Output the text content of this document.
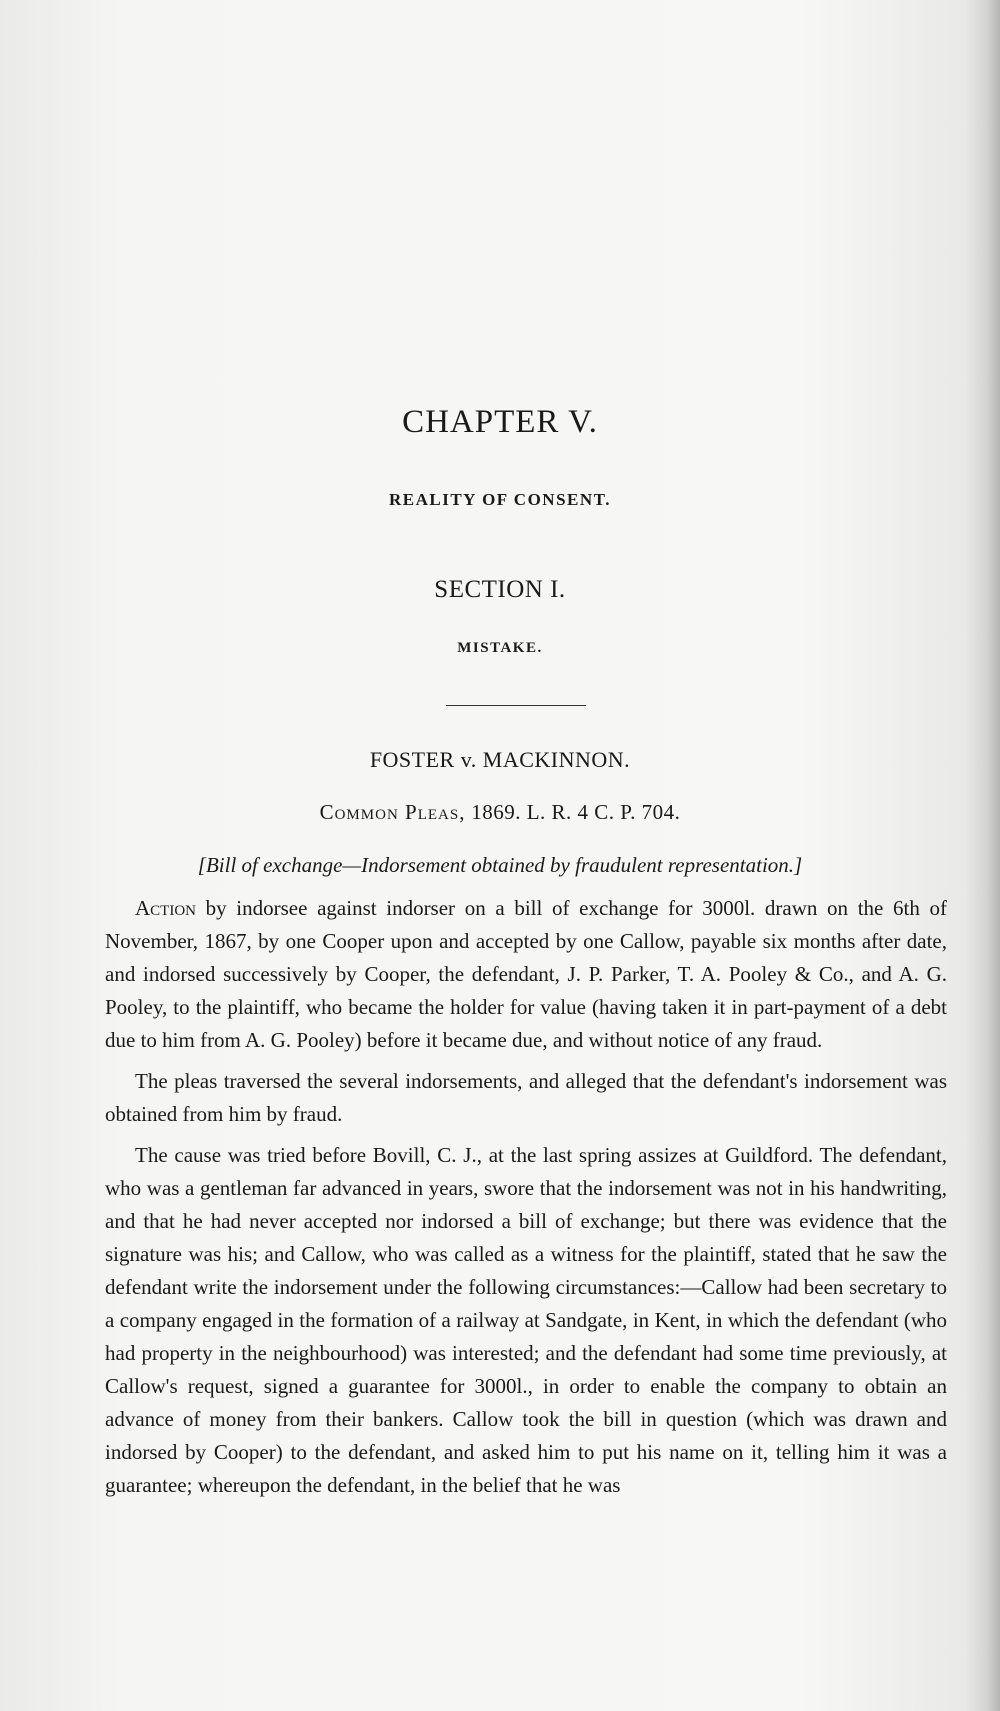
CHAPTER V.
REALITY OF CONSENT.
SECTION I.
MISTAKE.
FOSTER v. MACKINNON.
Common Pleas, 1869. L. R. 4 C. P. 704.
[Bill of exchange—Indorsement obtained by fraudulent representation.]

Action by indorsee against indorser on a bill of exchange for 3000l. drawn on the 6th of November, 1867, by one Cooper upon and accepted by one Callow, payable six months after date, and indorsed successively by Cooper, the defendant, J. P. Parker, T. A. Pooley & Co., and A. G. Pooley, to the plaintiff, who became the holder for value (having taken it in part-payment of a debt due to him from A. G. Pooley) before it became due, and without notice of any fraud.

The pleas traversed the several indorsements, and alleged that the defendant's indorsement was obtained from him by fraud.

The cause was tried before Bovill, C. J., at the last spring assizes at Guildford. The defendant, who was a gentleman far advanced in years, swore that the indorsement was not in his handwriting, and that he had never accepted nor indorsed a bill of exchange; but there was evidence that the signature was his; and Callow, who was called as a witness for the plaintiff, stated that he saw the defendant write the indorsement under the following circumstances:—Callow had been secretary to a company engaged in the formation of a railway at Sandgate, in Kent, in which the defendant (who had property in the neighbourhood) was interested; and the defendant had some time previously, at Callow's request, signed a guarantee for 3000l., in order to enable the company to obtain an advance of money from their bankers. Callow took the bill in question (which was drawn and indorsed by Cooper) to the defendant, and asked him to put his name on it, telling him it was a guarantee; whereupon the defendant, in the belief that he was
